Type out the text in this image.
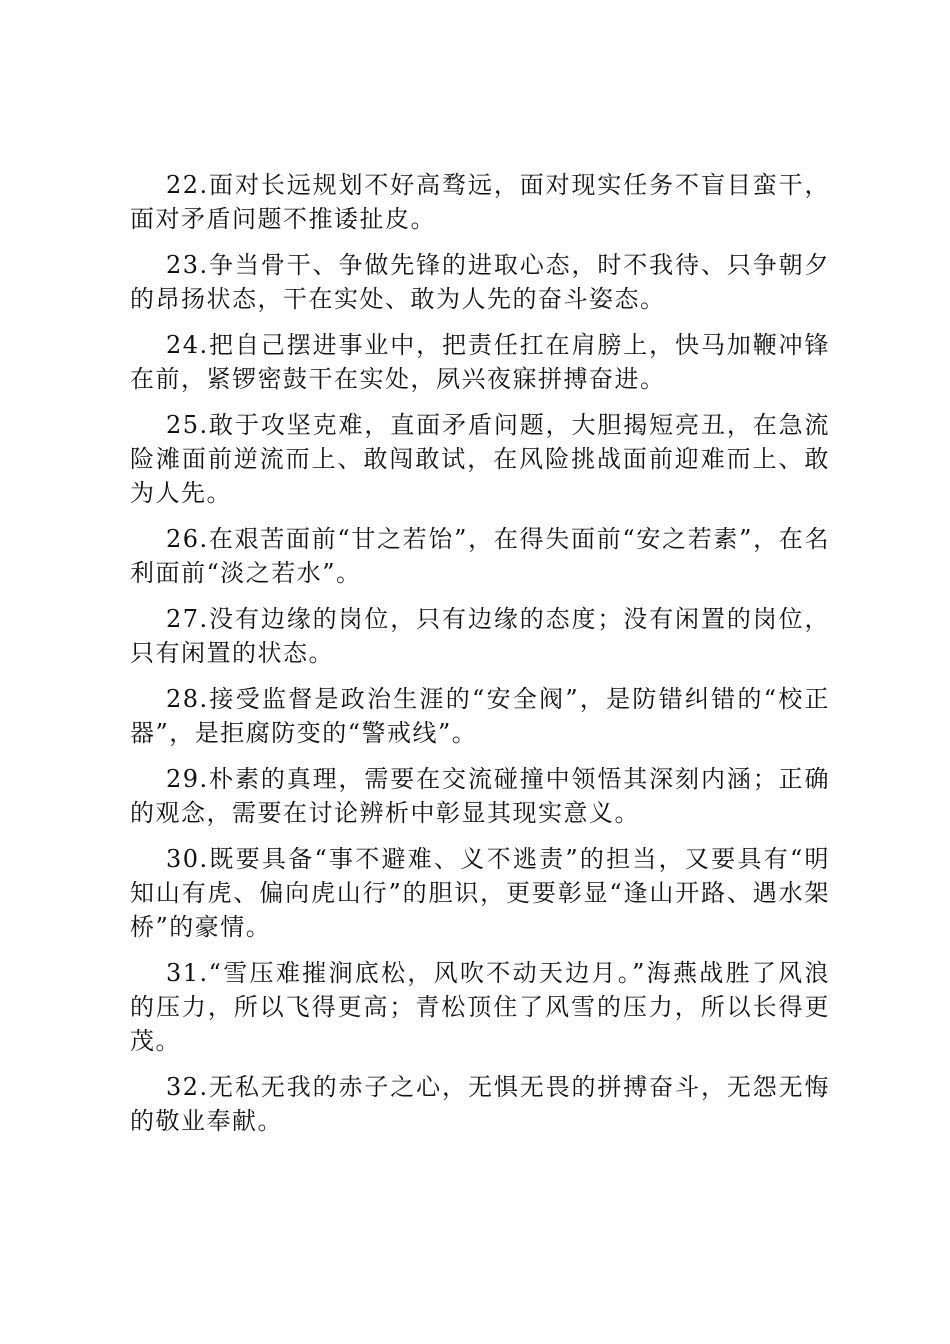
22.面对长远规划不好高骛远，面对现实任务不盲目蛮干，面对矛盾问题不推诿扯皮。

23.争当骨干、争做先锋的进取心态，时不我待、只争朝夕的昂扬状态，干在实处、敢为人先的奋斗姿态。

24.把自己摆进事业中，把责任扛在肩膀上，快马加鞭冲锋在前，紧锣密鼓干在实处，夙兴夜寐拼搏奋进。

25.敢于攻坚克难，直面矛盾问题，大胆揭短亮丑，在急流险滩面前逆流而上、敢闯敢试，在风险挑战面前迎难而上、敢为人先。

26.在艰苦面前“甘之若饴”，在得失面前“安之若素”，在名利面前“淡之若水”。

27.没有边缘的岗位，只有边缘的态度；没有闲置的岗位，只有闲置的状态。

28.接受监督是政治生涯的“安全阀”，是防错纠错的“校正器”，是拒腐防变的“警戒线”。

29.朴素的真理，需要在交流碰撞中领悟其深刻内涵；正确的观念，需要在讨论辨析中彰显其现实意义。

30.既要具备“事不避难、义不逃责”的担当，又要具有“明知山有虎、偏向虎山行”的胆识，更要彰显“逢山开路、遇水架桥”的豪情。

31.“雪压难摧涧底松，风吹不动天边月。”海燕战胜了风浪的压力，所以飞得更高；青松顶住了风雪的压力，所以长得更茂。

32.无私无我的赤子之心，无惧无畏的拼搏奋斗，无怨无悔的敬业奉献。
